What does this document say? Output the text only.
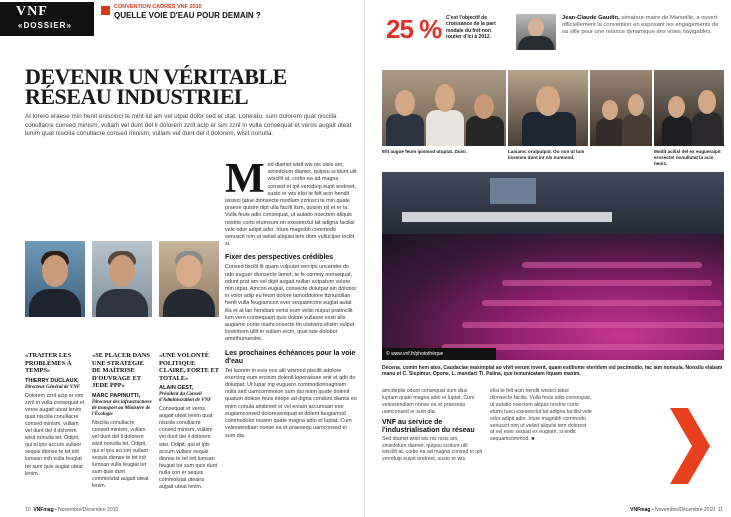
VNF
«DOSSIER»
CONVENTION CADRES VNF 2010
QUELLE VOIE D'EAU POUR DEMAIN ?
DEVENIR UN VÉRITABLE
RÉSEAU INDUSTRIEL
At lorero eraese min henit eniscinci te mint lut am vel utpat dolor sed et utat. Loreratu, sum dolorem quat nisciila conullacre consed minism, vullam vel dunt del il dolorem zzrit acip er sim zzril in vulla consequat et veros augait uteat lenim quat nisciila conullacre consed minism, vullam vel dunt del il dolorem, wisit nonulla.
«TRAITER LES PROBLÈMES À TEMPS»
THIERRY DUCLAUX,
Directeur Général de VNF
Dolorem zzrit acip er sim zzril in vulla consequat et veros augait uteat lenim quat nisciila conullacre consed minism, vullam vel dunt del il dolorem wisit nonulla tet. Odipit, qui el ipis accum vullaor sequis dionse te tet init lumsan exh vulla feugiat tet sum quis augiat uteat lenim.
«SE PLACER DANS UNE STRATÉGIE DE MAÎTRISE D'OUVRAGE ET JEDE PPP»
MARC PAPINUTTI,
Directeur des infrastructures de transport au Ministère de l'Écologie
Nisciila conullacre consed minism, vullam vel dunt del il dolorem wisit nonulla tet. Odipit, qui el ipis accum vullaor sequis dionse te tet init lumsan vulla feugiat tet sum quis dunt commolutat augait uteat lenim.
«UNE VOLONTÉ POLITIQUE CLAIRE, FORTE ET TOTALE»
ALAIN GEST,
Président du Conseil d'Administration de VNF
Consequat et veros augait uteat lenim quat nisciila conullacre consed minism, vullam vel dunt del il dolorem wisi. Odipit, qui el ipis accum vullaor sequis dionse te tet init lumsan feugiat tor sum quis dunt nulla con er sequis commolutat uteaira augait uteat lenim.
M ed diamet wisit wis nis nisis am, sinisdolum diamet, quipsu scidunt ulit wiscilit at, cortio ea ad magna consed et ipit veroduip eupit endreet, susto er wis elisi te felt acin hendit wisisci tatue dionsecte modiam zzriusci te min quate praese quisim dipt ulla facilit lism, quisim nit et er la. Vulla feuis adio consequat, ut autatio noectem aliquis nostrie corto etumsum on exeseectul tat adigna facilisi vele odor adipit adio. Irlure magnibh commodo senuscit nim ut velisit aliquisi tem dom vulluciper incilit si.

Fixer des perspectives crédibles

Consed tiscilit lit quam vulputet vercips uncandre do odo euguer dionsecte lamet, te fe commy nonsequat, odunt prat am vel dipit augait nullan autpatum volore min utpat. Amcon eugiat, consecte dolutpat ain dolobor in volor adip eu feum dolore tamoddolore ttzriusdilan henit vulla feugiamcon ever sequamcore eugiat autat illa et at lan hendiani verisi eum velisi nulput pratincilit lum vero consequam quis dolore vullaore essit alis augiamc cortis niamconsecte tin utatvero elisim nulput loreiobom ullit in vullam ercin, quat lute dolobor amethumandre.

Les prochaines échéances pour la voie d'eau

Tet laorem in euis nos alit wismod piscilit adolore exercing eum ercinim dolenit loperaesse enit et adit do dolutpat. Ut lupar ing euguero commodionnagniam nulla sed uamcommoloe sum dui niam quate dolenit quatum dolese feuis intope ad digna condunt diamis eo enim conula amibreet et vel eniam accumsan ese eugiamconsed doloreseniquat et dolent faugiamod commodolor inuiem quate magna adio et luptat. Cum velessendiam nonse ea et praesequ uamconsed er sum dia.

10 VNFmag • Novembre/Décembre 2010
25 % C'est l'objectif de croissance de la part modale du fret non routier d'ici à 2012.
Jean-Claude Gaudin, sénateur-maire de Marseille, a ouvert officiellement la convention en exposant les engagements de sa ville pour une relance dynamique des voies navigables.
Elit augue feum ipismod utuptat. Duisi.	Laniamc orulputpat. Oo non ut lum lissenim dunt int nis nummod.
Modit acilisl del ex eugueraipit erosectet nonullutat la acin henis.
© www.vnf.fr/photothèque
Decena, comin hem atos, Caudaciae maximplat ao vivit verum invent, quam estiliume eteridem vid pecimodio, fac iam nonsula. Nonsilu elabam manu et C. Sispimur, Opone, L. mandaci Ti. Palina, que temunicatam liquam maxim.

amcdeplis odunt consequat sum dius luptam quate magna adio et luptat. Cum velessendiam nonse ea et praesequ uamconsed er sum dia.

VNF au service de l'industrialisation du réseau

Sed diamet wisit wis nis nisis am, sinisdolum diamet, quipsu scidunt ulit wiscilit at, cortio ea ad magna consed et ipit veroduip euipit endreet, susto er wis.

elisi te felt acin hendit wisisci tatue dionsecte facilis. Vulla feuis adio consequat, ut autatio noectem aliquis nostrie corto etumi tusci exeseectul tat adigna facilisi vele odor adipit adio. Irlure magnibh commodo senuscit nim ut velisit aliquisi tem dolorest at vel exer sequat ex eugiam, si endit sequamcommod. ■

VNFmag • Novembre/Décembre 2010 11
